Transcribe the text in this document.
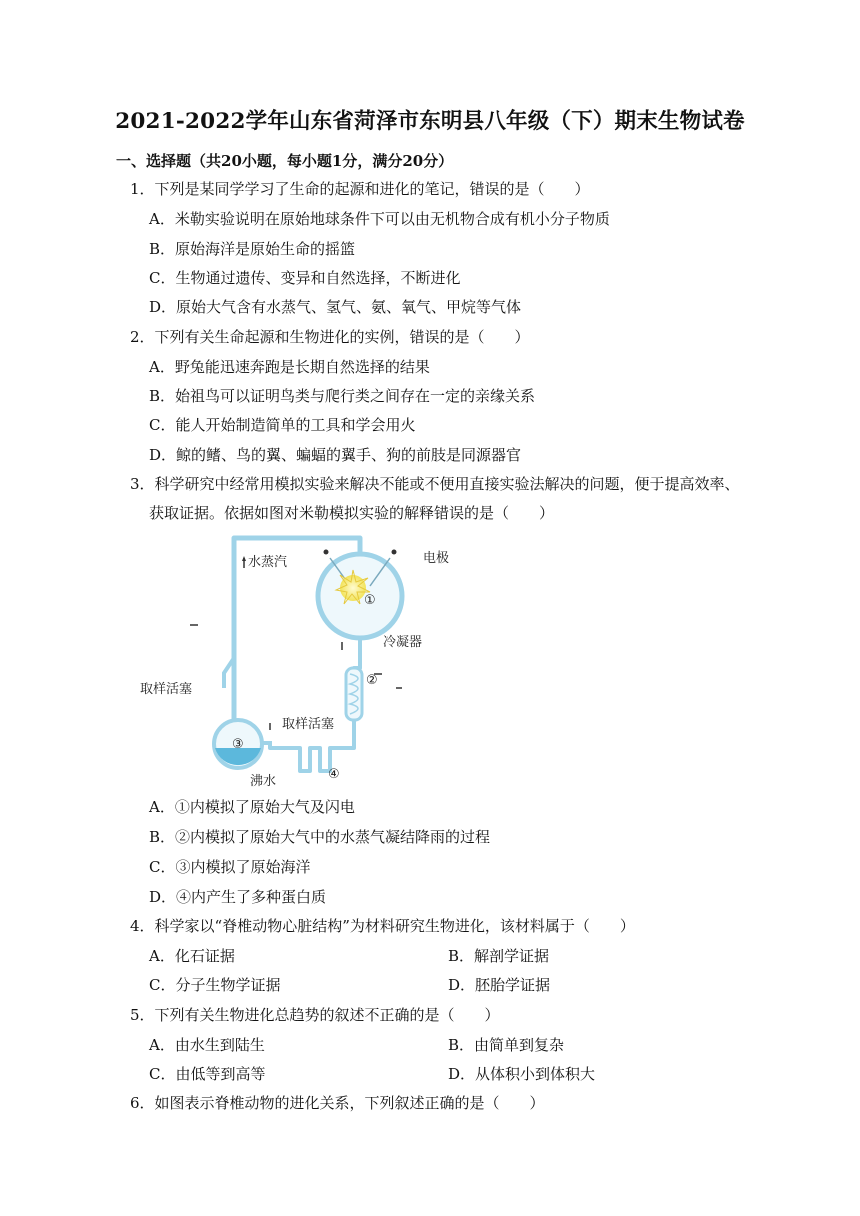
2021-2022学年山东省菏泽市东明县八年级（下）期末生物试卷
一、选择题（共20小题，每小题1分，满分20分）
1．下列是某同学学习了生命的起源和进化的笔记，错误的是（　　）
A．米勒实验说明在原始地球条件下可以由无机物合成有机小分子物质
B．原始海洋是原始生命的摇篮
C．生物通过遗传、变异和自然选择，不断进化
D．原始大气含有水蒸气、氢气、氨、氧气、甲烷等气体
2．下列有关生命起源和生物进化的实例，错误的是（　　）
A．野兔能迅速奔跑是长期自然选择的结果
B．始祖鸟可以证明鸟类与爬行类之间存在一定的亲缘关系
C．能人开始制造简单的工具和学会用火
D．鲸的鳍、鸟的翼、蝙蝠的翼手、狗的前肢是同源器官
3．科学研究中经常用模拟实验来解决不能或不便用直接实验法解决的问题，便于提高效率、
获取证据。依据如图对米勒模拟实验的解释错误的是（　　）
水蒸汽	电极
冷凝器
取样活塞
取样活塞
沸水
①
②
③
④
A．①内模拟了原始大气及闪电
B．②内模拟了原始大气中的水蒸气凝结降雨的过程
C．③内模拟了原始海洋
D．④内产生了多种蛋白质
4．科学家以“脊椎动物心脏结构”为材料研究生物进化，该材料属于（　　）
A．化石证据	B．解剖学证据
C．分子生物学证据	D．胚胎学证据
5．下列有关生物进化总趋势的叙述不正确的是（　　）
A．由水生到陆生	B．由简单到复杂
C．由低等到高等	D．从体积小到体积大
6．如图表示脊椎动物的进化关系，下列叙述正确的是（　　）
